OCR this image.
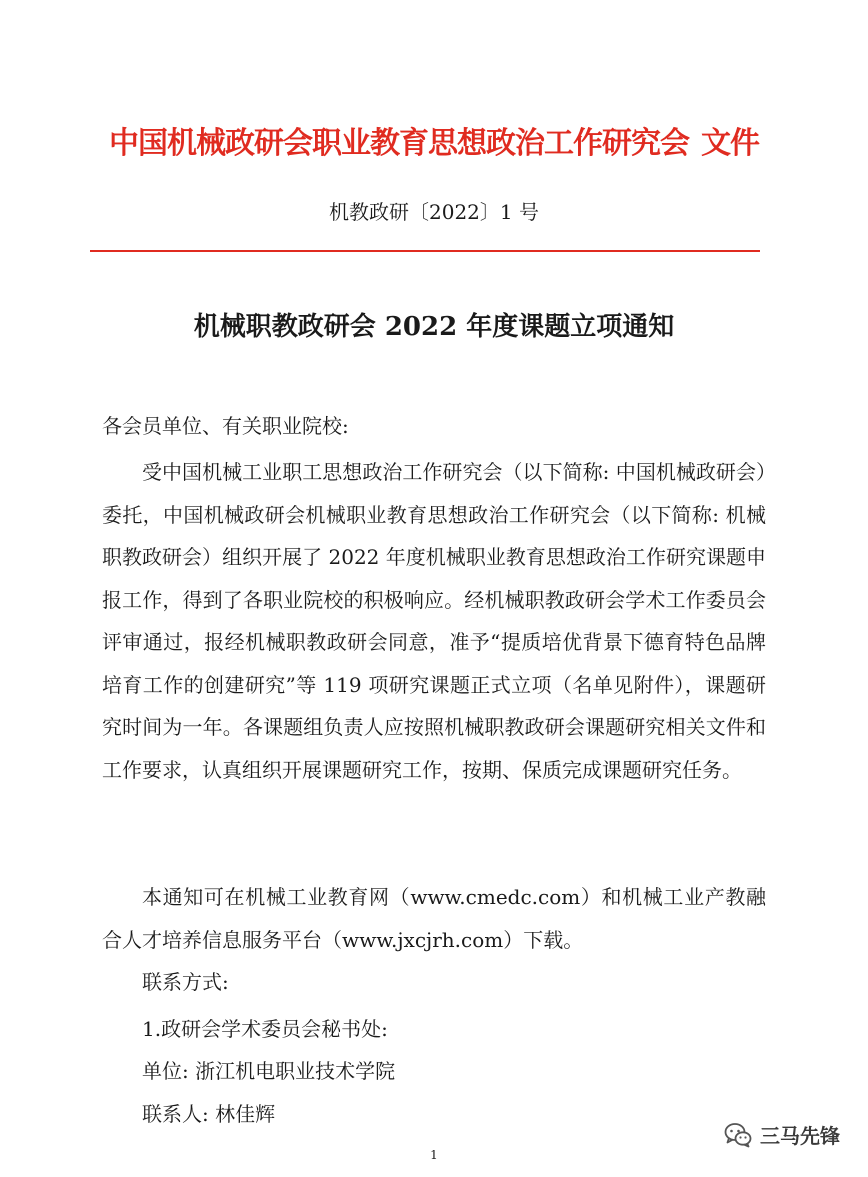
中国机械政研会职业教育思想政治工作研究会 文件
机教政研〔2022〕1 号
机械职教政研会 2022 年度课题立项通知

各会员单位、有关职业院校:

受中国机械工业职工思想政治工作研究会（以下简称: 中国机械政研会）委托，中国机械政研会机械职业教育思想政治工作研究会（以下简称: 机械职教政研会）组织开展了 2022 年度机械职业教育思想政治工作研究课题申报工作，得到了各职业院校的积极响应。经机械职教政研会学术工作委员会评审通过，报经机械职教政研会同意，准予“提质培优背景下德育特色品牌培育工作的创建研究”等 119 项研究课题正式立项（名单见附件），课题研究时间为一年。各课题组负责人应按照机械职教政研会课题研究相关文件和工作要求，认真组织开展课题研究工作，按期、保质完成课题研究任务。

本通知可在机械工业教育网（www.cmedc.com）和机械工业产教融合人才培养信息服务平台（www.jxcjrh.com）下载。

联系方式:

1.政研会学术委员会秘书处:

单位: 浙江机电职业技术学院

联系人: 林佳辉

1
三马先锋
